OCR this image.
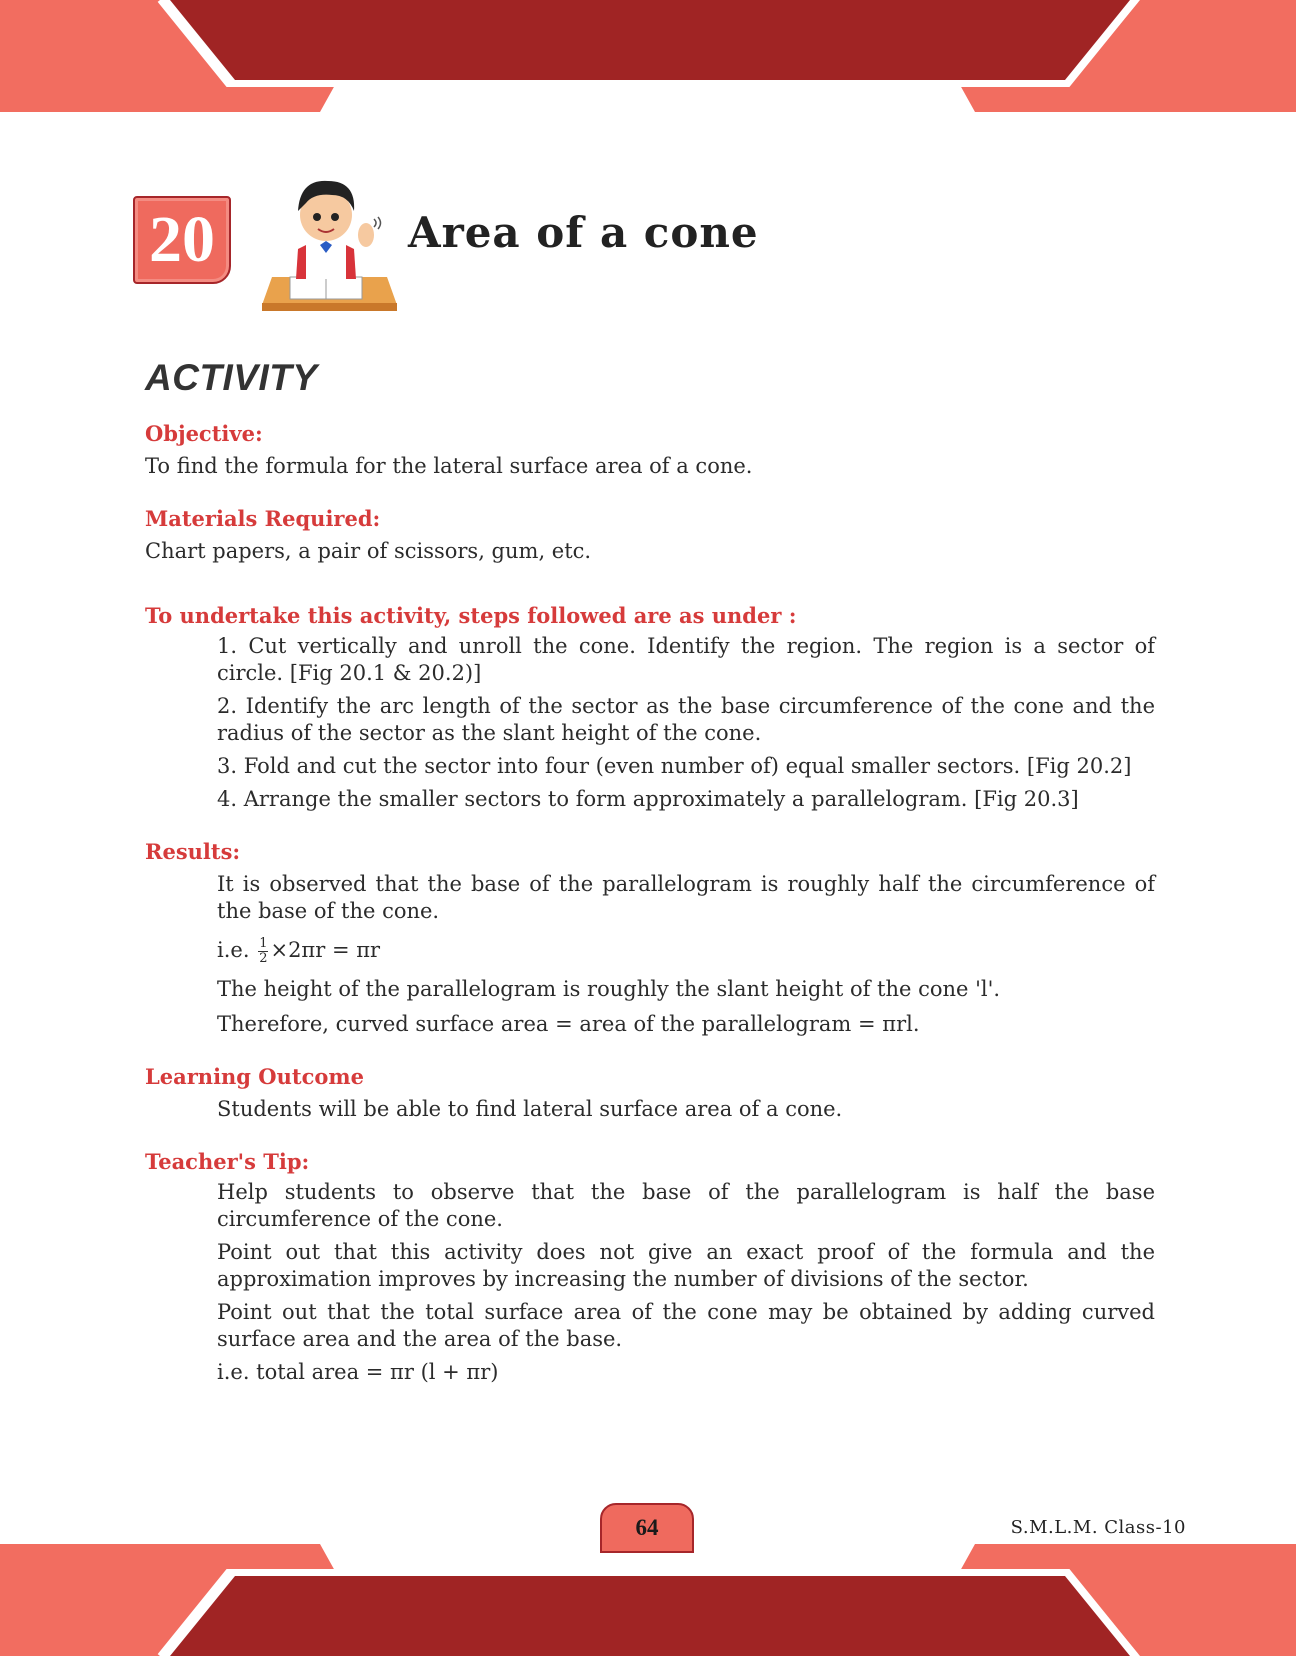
20	Area of a cone
ACTIVITY
Objective:
To find the formula for the lateral surface area of a cone.
Materials Required:
Chart papers, a pair of scissors, gum, etc.
To undertake this activity, steps followed are as under :
1. Cut vertically and unroll the cone. Identify the region. The region is a sector of circle. [Fig 20.1 & 20.2)]
2. Identify the arc length of the sector as the base circumference of the cone and the radius of the sector as the slant height of the cone.
3. Fold and cut the sector into four (even number of) equal smaller sectors. [Fig 20.2]
4. Arrange the smaller sectors to form approximately a parallelogram. [Fig 20.3]
Results:
It is observed that the base of the parallelogram is roughly half the circumference of the base of the cone.
i.e. $\frac{1}{2} \times 2\pi r = \pi r$
The height of the parallelogram is roughly the slant height of the cone 'l'.
Therefore, curved surface area = area of the parallelogram = πrl.
Learning Outcome
Students will be able to find lateral surface area of a cone.
Teacher's Tip:
Help students to observe that the base of the parallelogram is half the base circumference of the cone.
Point out that this activity does not give an exact proof of the formula and the approximation improves by increasing the number of divisions of the sector.
Point out that the total surface area of the cone may be obtained by adding curved surface area and the area of the base.
i.e. total area = πr (l + πr)
64	S.M.L.M. Class-10
